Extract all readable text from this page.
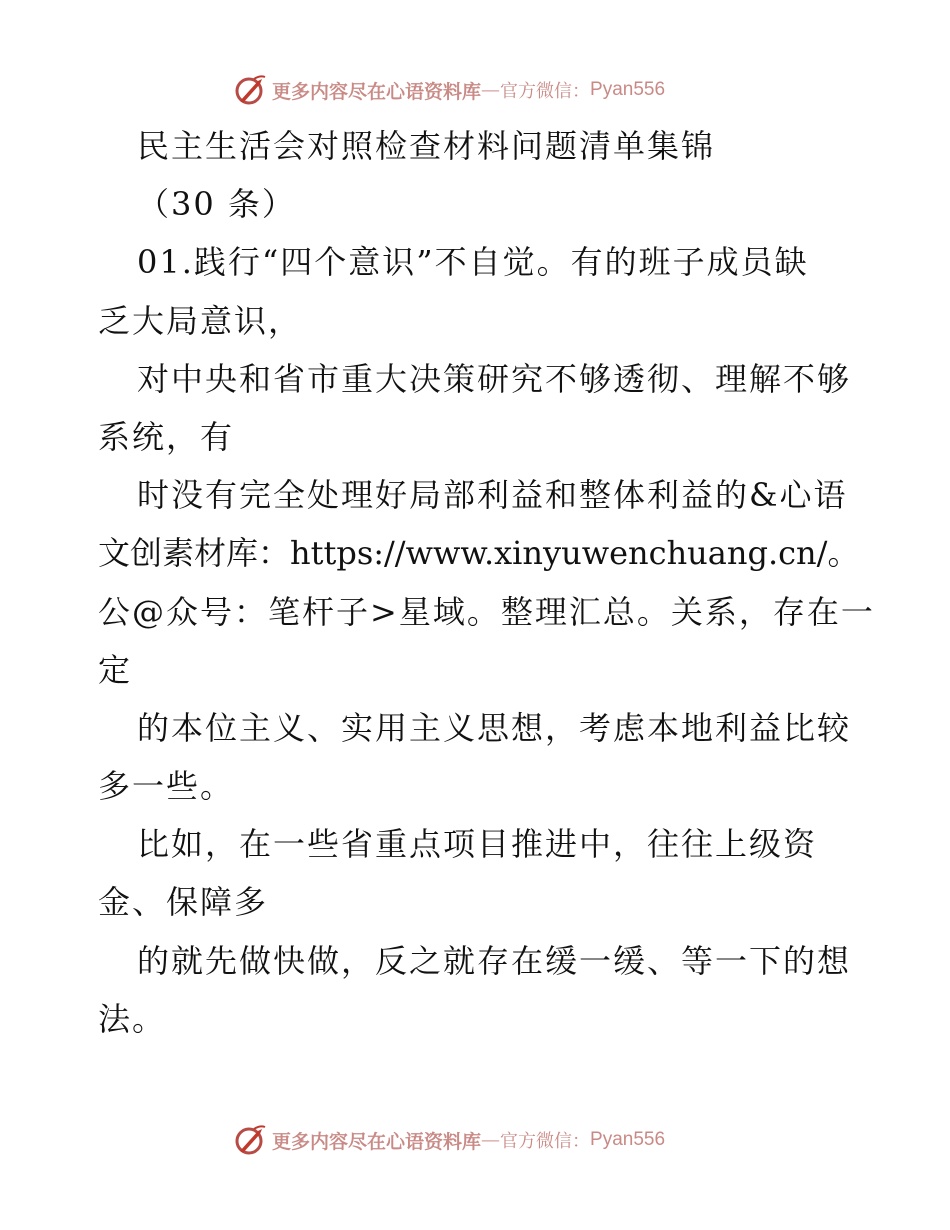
更多内容尽在心语资料库 — 官方微信： Pyan556
民主生活会对照检查材料问题清单集锦
（30 条）
01.践行“四个意识”不自觉。有的班子成员缺
乏大局意识，
对中央和省市重大决策研究不够透彻、理解不够
系统，有
时没有完全处理好局部利益和整体利益的&心语
文创素材库：https://www.xinyuwenchuang.cn/。
公@众号：笔杆子>星域。整理汇总。关系，存在一
定
的本位主义、实用主义思想，考虑本地利益比较
多一些。
比如，在一些省重点项目推进中，往往上级资
金、保障多
的就先做快做，反之就存在缓一缓、等一下的想
法。
更多内容尽在心语资料库 — 官方微信： Pyan556
